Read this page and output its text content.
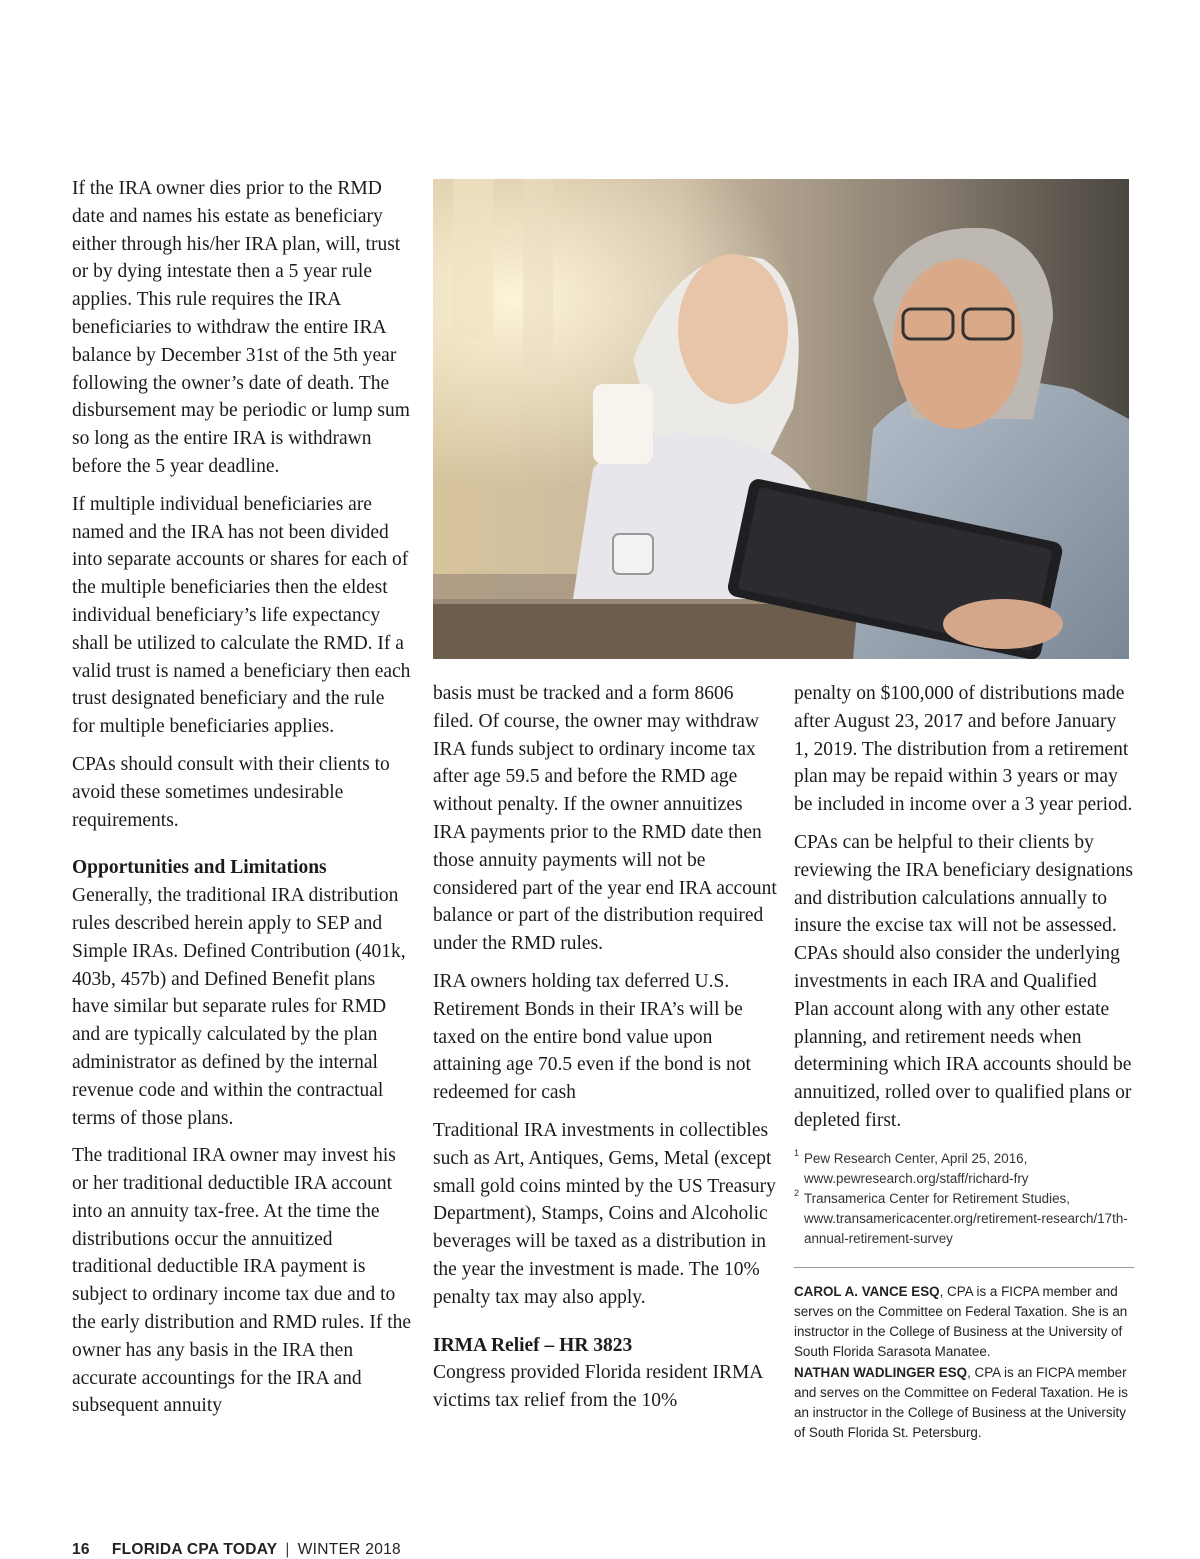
If the IRA owner dies prior to the RMD date and names his estate as beneficiary either through his/her IRA plan, will, trust or by dying intestate then a 5 year rule applies. This rule requires the IRA beneficiaries to withdraw the entire IRA balance by December 31st of the 5th year following the owner’s date of death. The disbursement may be periodic or lump sum so long as the entire IRA is withdrawn before the 5 year deadline.

If multiple individual beneficiaries are named and the IRA has not been divided into separate accounts or shares for each of the multiple beneficiaries then the eldest individual beneficiary’s life expectancy shall be utilized to calculate the RMD. If a valid trust is named a beneficiary then each trust designated beneficiary and the rule for multiple beneficiaries applies.

CPAs should consult with their clients to avoid these sometimes undesirable requirements.

Opportunities and Limitations

Generally, the traditional IRA distribution rules described herein apply to SEP and Simple IRAs. Defined Contribution (401k, 403b, 457b) and Defined Benefit plans have similar but separate rules for RMD and are typically calculated by the plan administrator as defined by the internal revenue code and within the contractual terms of those plans.

The traditional IRA owner may invest his or her traditional deductible IRA account into an annuity tax-free. At the time the distributions occur the annuitized traditional deductible IRA payment is subject to ordinary income tax due and to the early distribution and RMD rules. If the owner has any basis in the IRA then accurate accountings for the IRA and subsequent annuity

basis must be tracked and a form 8606 filed. Of course, the owner may withdraw IRA funds subject to ordinary income tax after age 59.5 and before the RMD age without penalty. If the owner annuitizes IRA payments prior to the RMD date then those annuity payments will not be considered part of the year end IRA account balance or part of the distribution required under the RMD rules.

IRA owners holding tax deferred U.S. Retirement Bonds in their IRA’s will be taxed on the entire bond value upon attaining age 70.5 even if the bond is not redeemed for cash

Traditional IRA investments in collectibles such as Art, Antiques, Gems, Metal (except small gold coins minted by the US Treasury Department), Stamps, Coins and Alcoholic beverages will be taxed as a distribution in the year the investment is made. The 10% penalty tax may also apply.

IRMA Relief – HR 3823

Congress provided Florida resident IRMA victims tax relief from the 10%

penalty on $100,000 of distributions made after August 23, 2017 and before January 1, 2019. The distribution from a retirement plan may be repaid within 3 years or may be included in income over a 3 year period.

CPAs can be helpful to their clients by reviewing the IRA beneficiary designations and distribution calculations annually to insure the excise tax will not be assessed. CPAs should also consider the underlying investments in each IRA and Qualified Plan account along with any other estate planning, and retirement needs when determining which IRA accounts should be annuitized, rolled over to qualified plans or depleted first.

1 Pew Research Center, April 25, 2016, www.pewresearch.org/staff/richard-fry
2 Transamerica Center for Retirement Studies, www.transamericacenter.org/retirement-research/17th-annual-retirement-survey
CAROL A. VANCE ESQ, CPA is a FICPA member and serves on the Committee on Federal Taxation. She is an instructor in the College of Business at the University of South Florida Sarasota Manatee.
NATHAN WADLINGER ESQ, CPA is an FICPA member and serves on the Committee on Federal Taxation. He is an instructor in the College of Business at the University of South Florida St. Petersburg.
16 FLORIDA CPA TODAY | WINTER 2018
